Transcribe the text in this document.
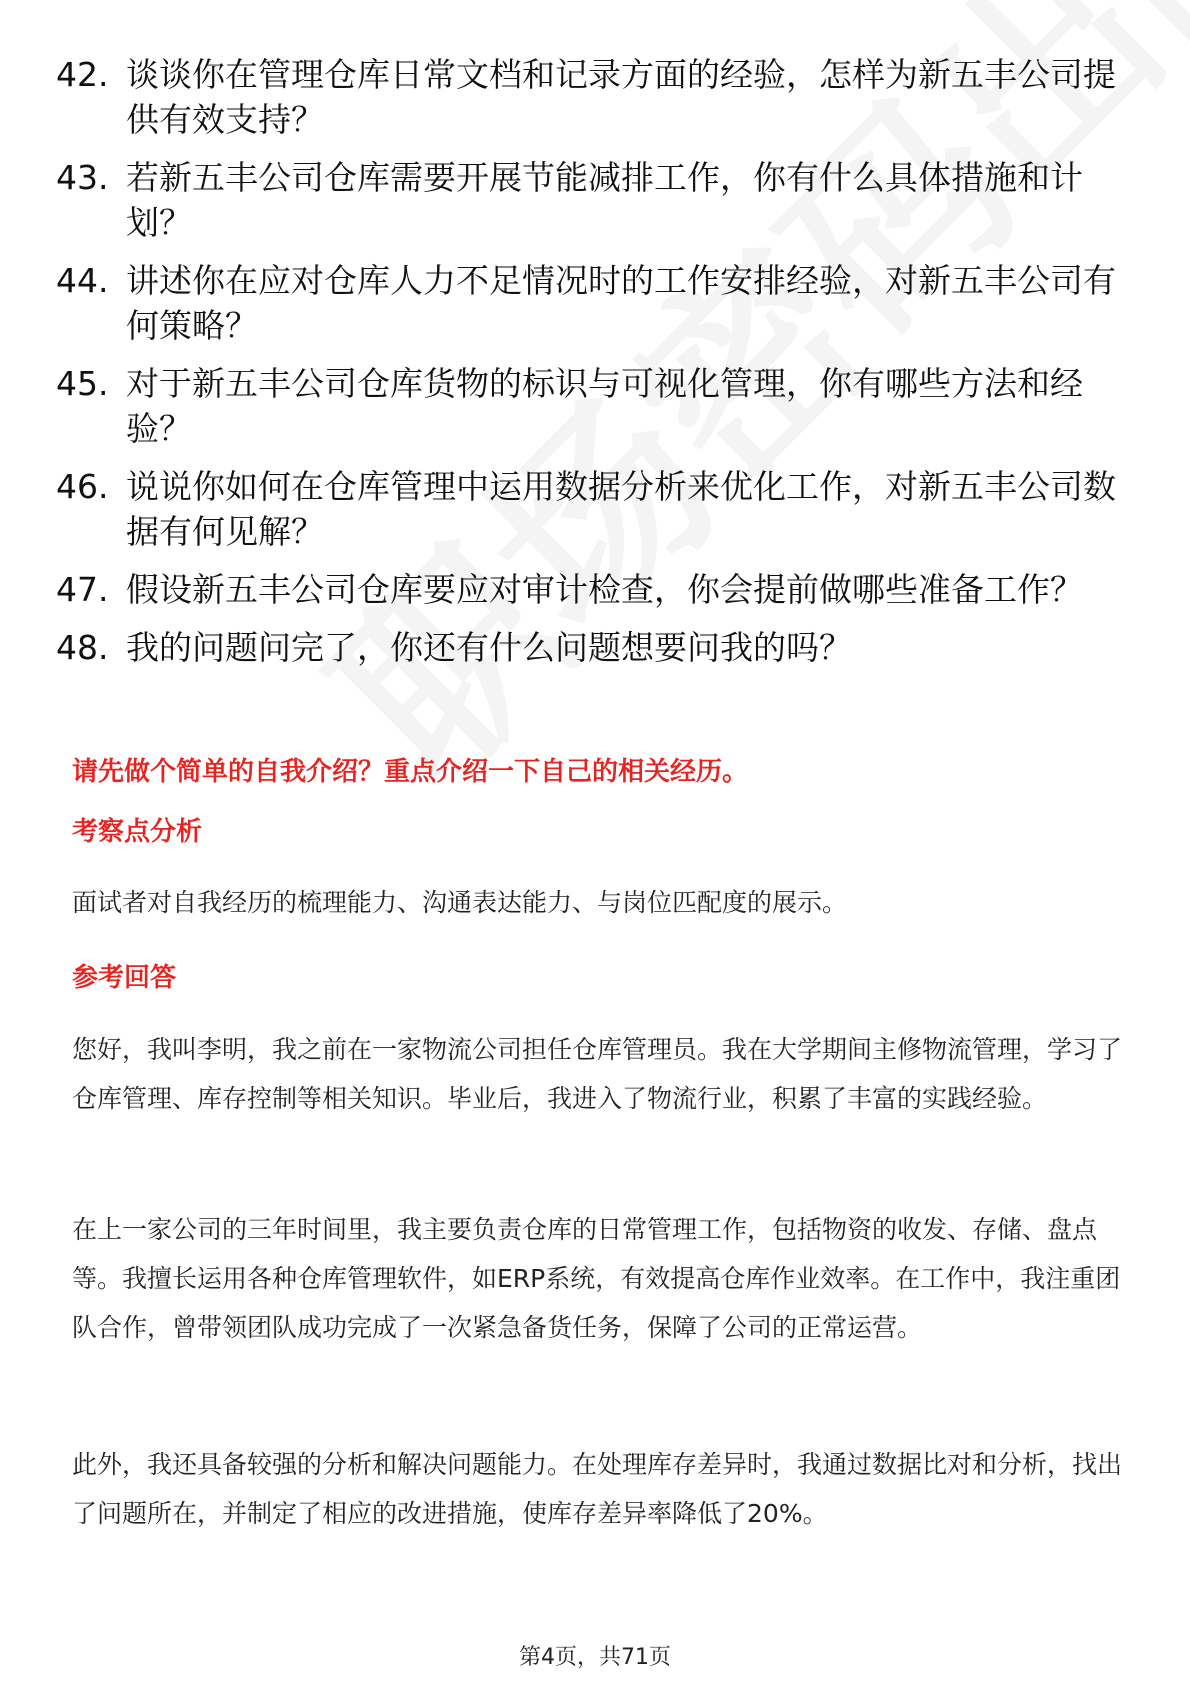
42. 谈谈你在管理仓库日常文档和记录方面的经验，怎样为新五丰公司提供有效支持？
43. 若新五丰公司仓库需要开展节能减排工作，你有什么具体措施和计划？
44. 讲述你在应对仓库人力不足情况时的工作安排经验，对新五丰公司有何策略？
45. 对于新五丰公司仓库货物的标识与可视化管理，你有哪些方法和经验？
46. 说说你如何在仓库管理中运用数据分析来优化工作，对新五丰公司数据有何见解？
47. 假设新五丰公司仓库要应对审计检查，你会提前做哪些准备工作？
48. 我的问题问完了，你还有什么问题想要问我的吗？
请先做个简单的自我介绍？重点介绍一下自己的相关经历。
考察点分析
面试者对自我经历的梳理能力、沟通表达能力、与岗位匹配度的展示。
参考回答
您好，我叫李明，我之前在一家物流公司担任仓库管理员。我在大学期间主修物流管理，学习了仓库管理、库存控制等相关知识。毕业后，我进入了物流行业，积累了丰富的实践经验。
在上一家公司的三年时间里，我主要负责仓库的日常管理工作，包括物资的收发、存储、盘点等。我擅长运用各种仓库管理软件，如ERP系统，有效提高仓库作业效率。在工作中，我注重团队合作，曾带领团队成功完成了一次紧急备货任务，保障了公司的正常运营。
此外，我还具备较强的分析和解决问题能力。在处理库存差异时，我通过数据比对和分析，找出了问题所在，并制定了相应的改进措施，使库存差异率降低了20%。
第4页，共71页
